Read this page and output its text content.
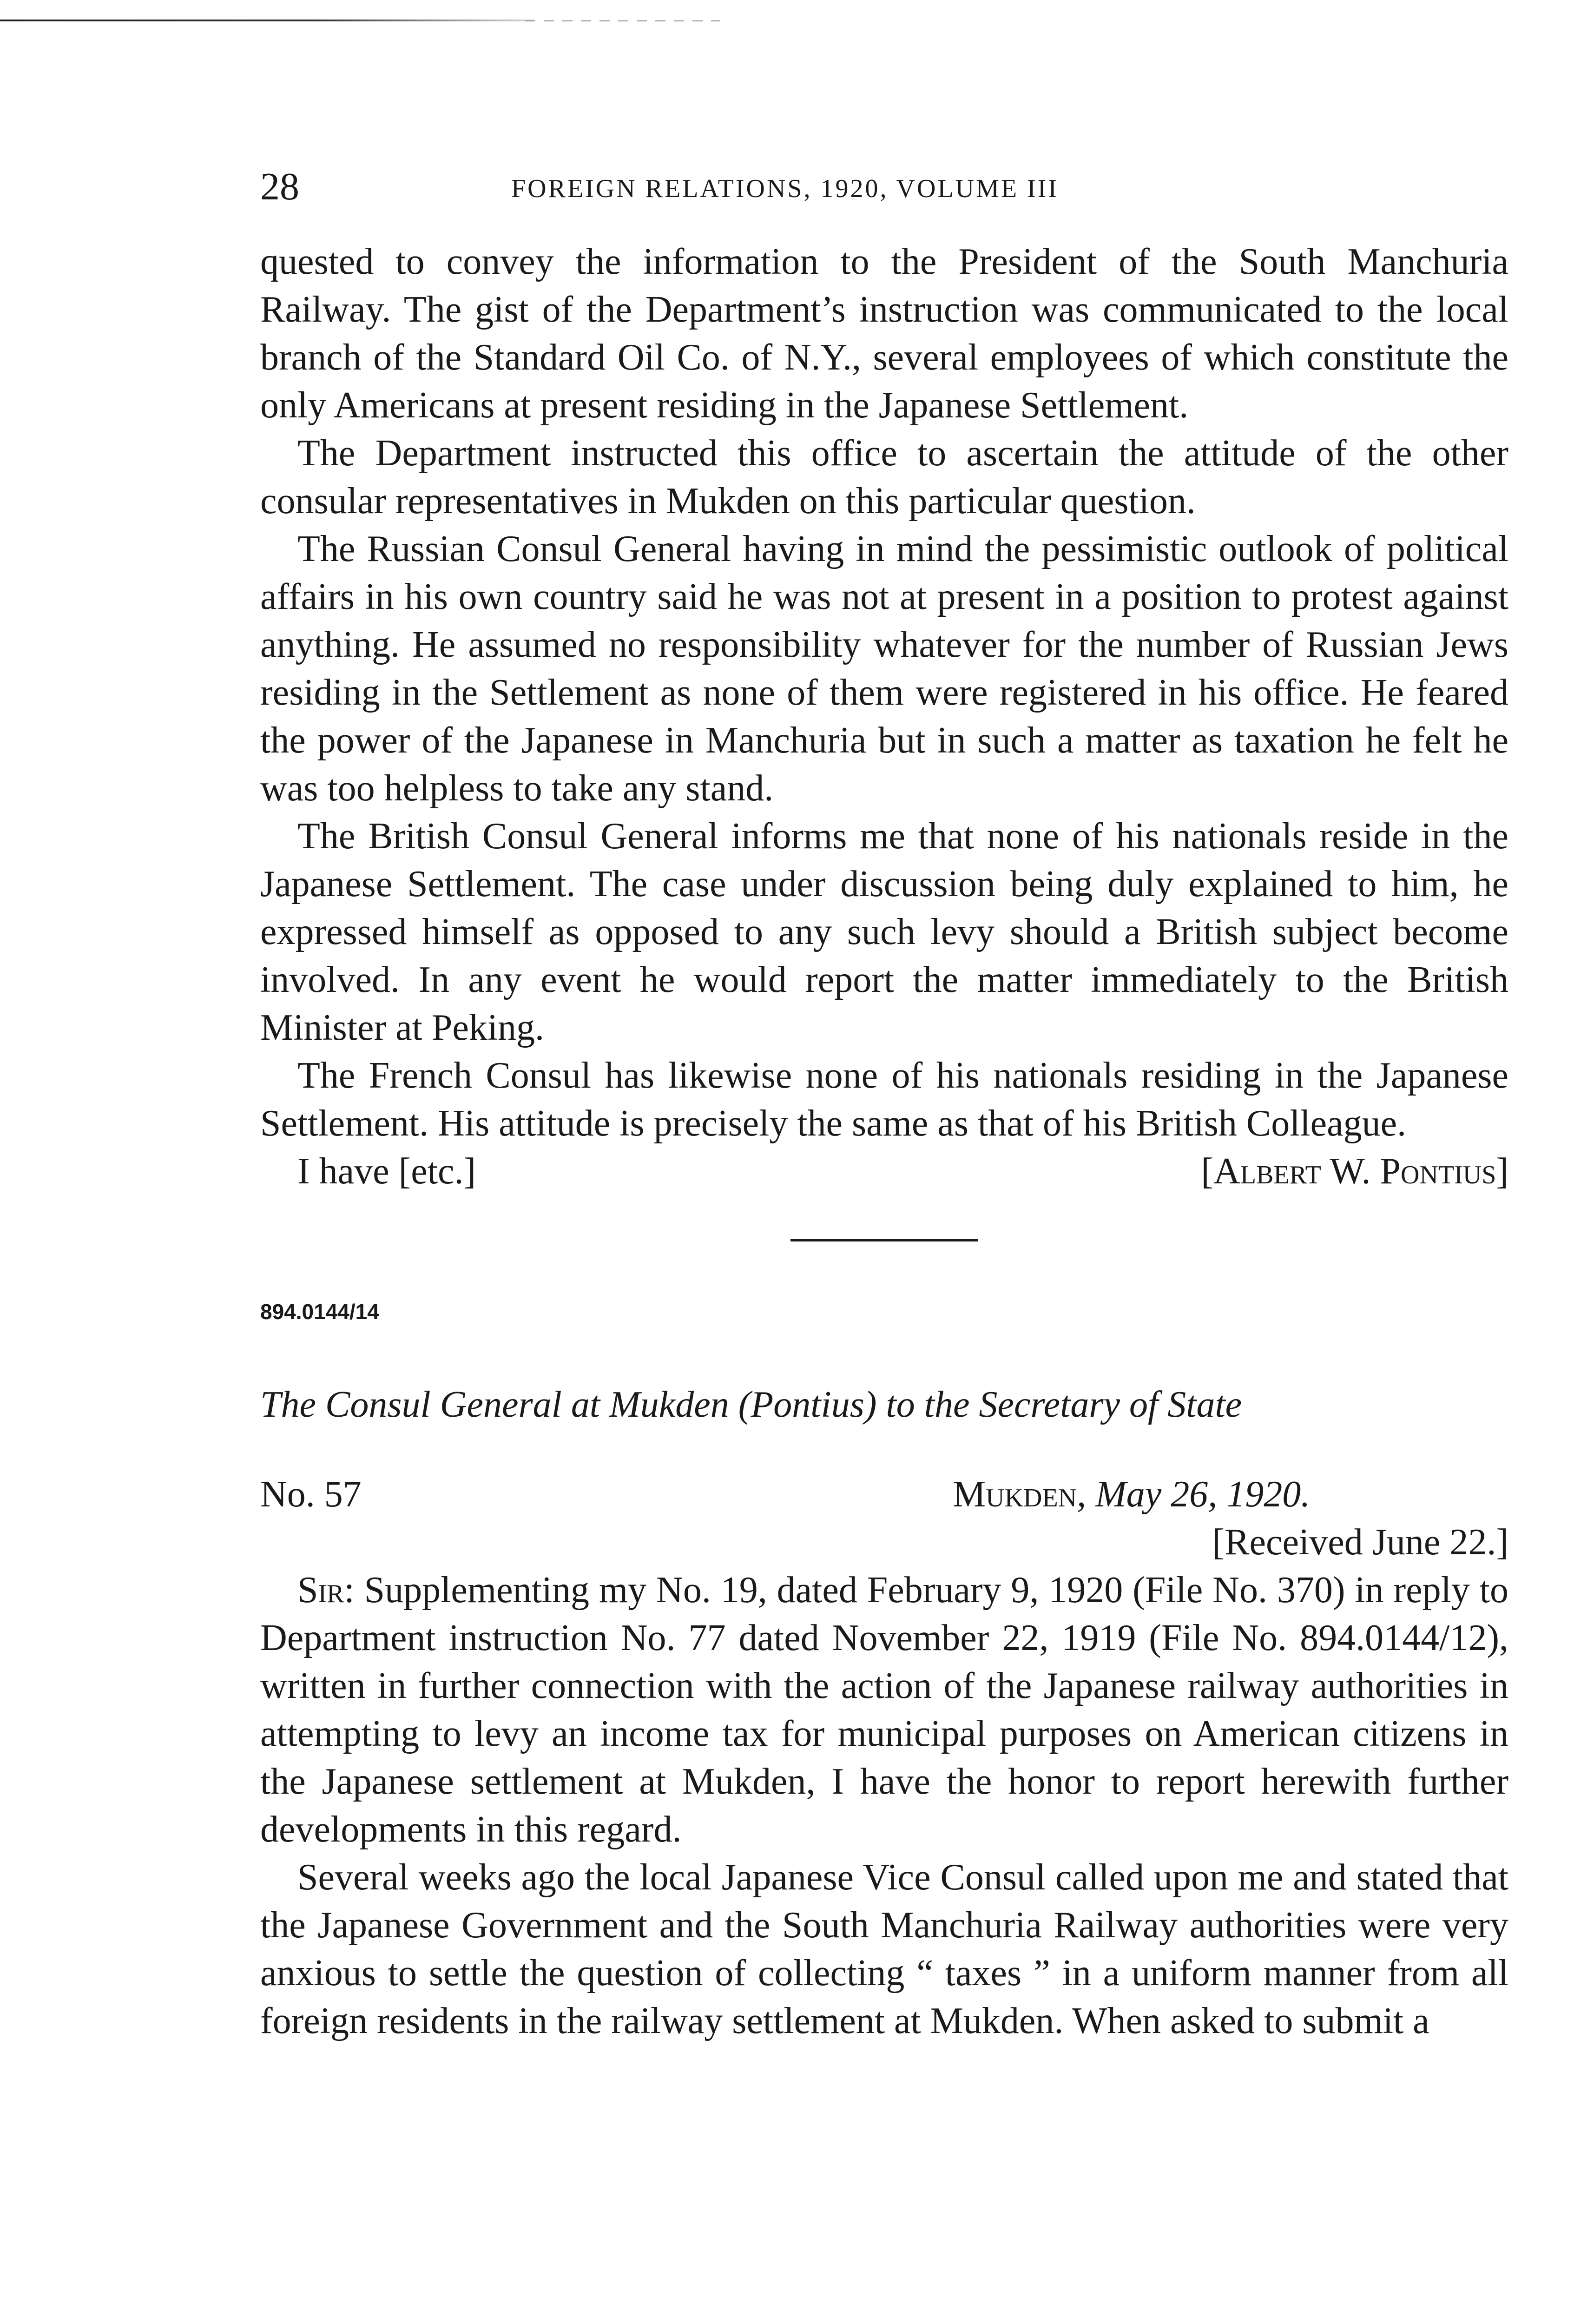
28	FOREIGN RELATIONS, 1920, VOLUME III

quested to convey the information to the President of the South Manchuria Railway. The gist of the Department’s instruction was communicated to the local branch of the Standard Oil Co. of N.Y., several employees of which constitute the only Americans at present residing in the Japanese Settlement.

The Department instructed this office to ascertain the attitude of the other consular representatives in Mukden on this particular question.

The Russian Consul General having in mind the pessimistic outlook of political affairs in his own country said he was not at present in a position to protest against anything. He assumed no responsibility whatever for the number of Russian Jews residing in the Settlement as none of them were registered in his office. He feared the power of the Japanese in Manchuria but in such a matter as taxation he felt he was too helpless to take any stand.

The British Consul General informs me that none of his nationals reside in the Japanese Settlement. The case under discussion being duly explained to him, he expressed himself as opposed to any such levy should a British subject become involved. In any event he would report the matter immediately to the British Minister at Peking.

The French Consul has likewise none of his nationals residing in the Japanese Settlement. His attitude is precisely the same as that of his British Colleague.

I have [etc.]	[Albert W. Pontius]
894.0144/14
The Consul General at Mukden (Pontius) to the Secretary of State
No. 57	Mukden, May 26, 1920.
[Received June 22.]

Sir: Supplementing my No. 19, dated February 9, 1920 (File No. 370) in reply to Department instruction No. 77 dated November 22, 1919 (File No. 894.0144/12), written in further connection with the action of the Japanese railway authorities in attempting to levy an income tax for municipal purposes on American citizens in the Japanese settlement at Mukden, I have the honor to report herewith further developments in this regard.

Several weeks ago the local Japanese Vice Consul called upon me and stated that the Japanese Government and the South Manchuria Railway authorities were very anxious to settle the question of collecting “ taxes ” in a uniform manner from all foreign residents in the railway settlement at Mukden. When asked to submit a
